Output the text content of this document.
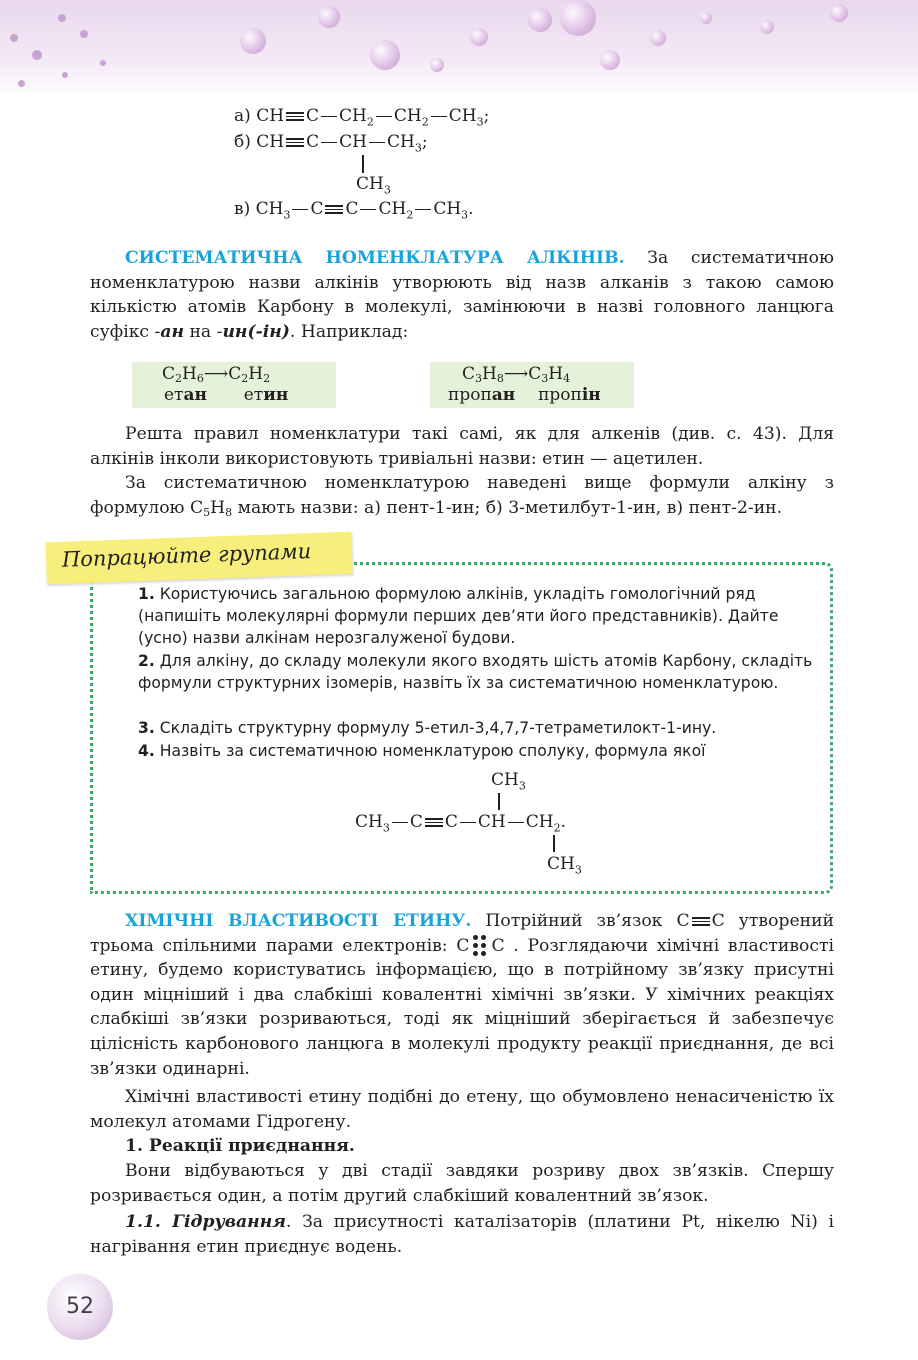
а) CH C $CH_2$ $CH_2$ $CH_3$;
б) CH C CH $CH_3$;
$CH_3$
в) $CH_3$ C C $CH_2$ $CH_3$.
СИСТЕМАТИЧНА НОМЕНКЛАТУРА АЛКІНІВ. За систематичною номенклатурою назви алкінів утворюють від назв алканів з такою самою кількістю атомів Карбону в молекулі, замінюючи в назві головного ланцюга суфікс -ан на -ин(-ін). Наприклад:
$C_2H_6⟶C_2H_2$
етан етин
$C_3H_8⟶C_3H_4$
пропан пропін
Решта правил номенклатури такі самі, як для алкенів (див. с. 43). Для алкінів інколи використовують тривіальні назви: етин — ацетилен.
За систематичною номенклатурою наведені вище формули алкіну з формулою $C_5H_8$ мають назви: а) пент-1-ин; б) 3-метилбут-1-ин, в) пент-2-ин.
Попрацюйте групами
1. Користуючись загальною формулою алкінів, укладіть гомологічний ряд (напишіть молекулярні формули перших дев’яти його представників). Дайте (усно) назви алкінам нерозгалуженої будови.
2. Для алкіну, до складу молекули якого входять шість атомів Карбону, складіть формули структурних ізомерів, назвіть їх за систематичною номенклатурою.
3. Складіть структурну формулу 5-етил-3,4,7,7-тетраметилокт-1-ину.
4. Назвіть за систематичною номенклатурою сполуку, формула якої
$CH_3$
$CH_3$ C C CH $CH_2$.
$CH_3$
ХІМІЧНІ ВЛАСТИВОСТІ ЕТИНУ. Потрійний зв’язок C C утворений трьома спільними парами електронів: C C . Розглядаючи хімічні властивості етину, будемо користуватись інформацією, що в потрійному зв’язку присутні один міцніший і два слабкіші ковалентні хімічні зв’язки. У хімічних реакціях слабкіші зв’язки розриваються, тоді як міцніший зберігається й забезпечує цілісність карбонового ланцюга в молекулі продукту реакції приєднання, де всі зв’язки одинарні.
Хімічні властивості етину подібні до етену, що обумовлено ненасиченістю їх молекул атомами Гідрогену.
1. Реакції приєднання.
Вони відбуваються у дві стадії завдяки розриву двох зв’язків. Спершу розривається один, а потім другий слабкіший ковалентний зв’язок.
1.1. Гідрування. За присутності каталізаторів (платини Pt, нікелю Ni) і нагрівання етин приєднує водень.
52
